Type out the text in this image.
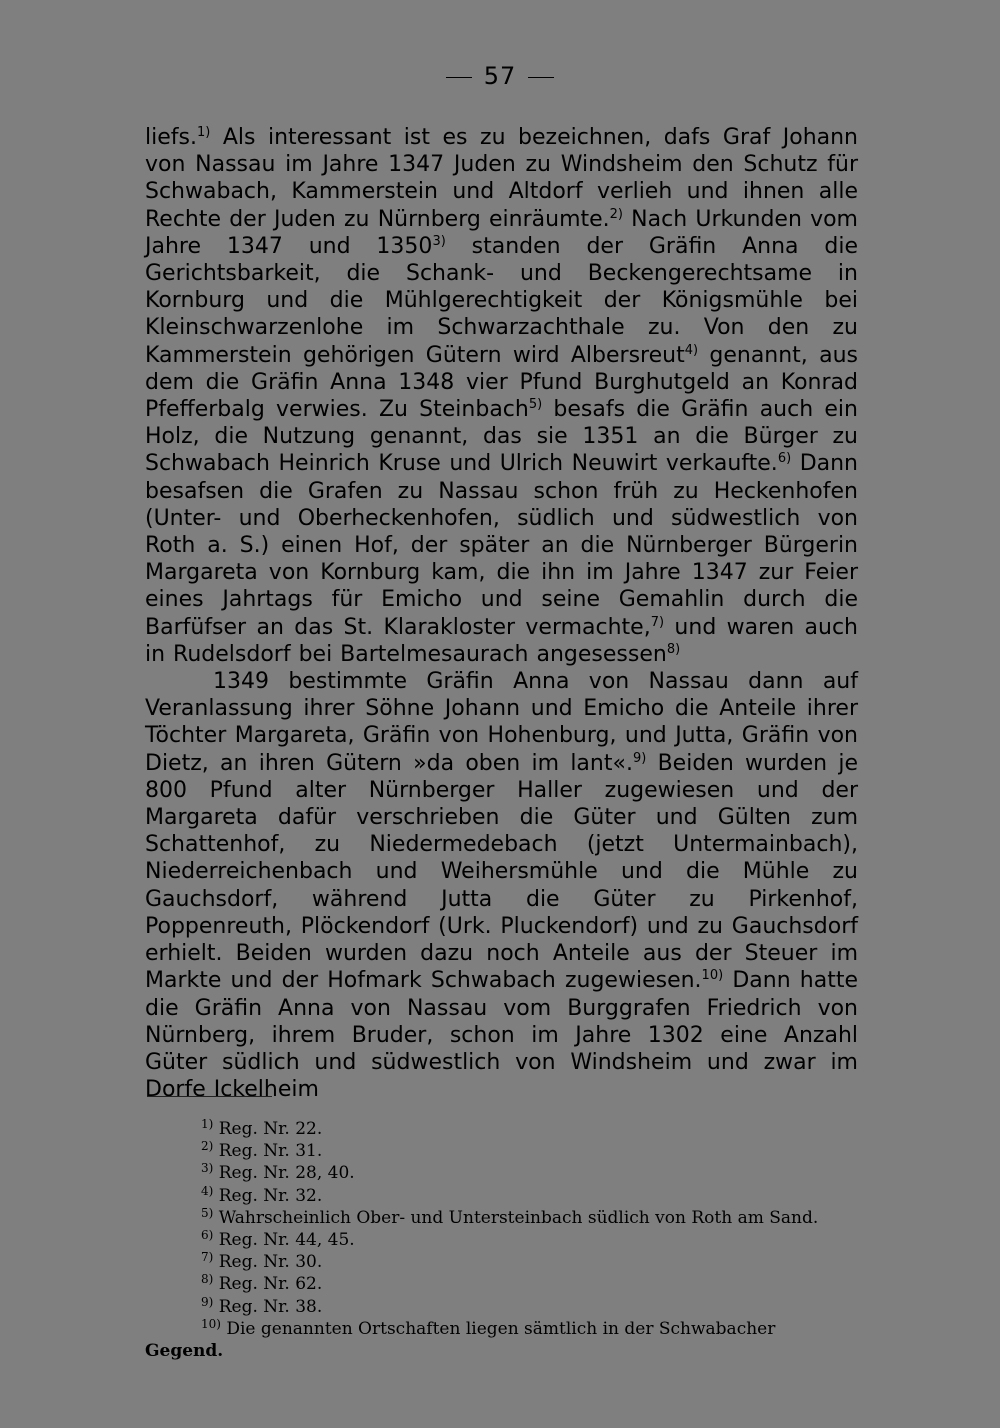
57

liefs.$^{1)}$ Als interessant ist es zu bezeichnen, dafs Graf Johann von Nassau im Jahre 1347 Juden zu Windsheim den Schutz für Schwabach, Kammerstein und Altdorf verlieh und ihnen alle Rechte der Juden zu Nürnberg einräumte.$^{2)}$ Nach Urkunden vom Jahre 1347 und 1350$^{3)}$ standen der Gräfin Anna die Gerichtsbarkeit, die Schank- und Beckengerechtsame in Kornburg und die Mühlgerechtigkeit der Königsmühle bei Kleinschwarzenlohe im Schwarzachthale zu. Von den zu Kammerstein gehörigen Gütern wird Albersreut$^{4)}$ genannt, aus dem die Gräfin Anna 1348 vier Pfund Burghutgeld an Konrad Pfefferbalg verwies. Zu Steinbach$^{5)}$ besafs die Gräfin auch ein Holz, die Nutzung genannt, das sie 1351 an die Bürger zu Schwabach Heinrich Kruse und Ulrich Neuwirt verkaufte.$^{6)}$ Dann besafsen die Grafen zu Nassau schon früh zu Heckenhofen (Unter- und Oberheckenhofen, südlich und südwestlich von Roth a. S.) einen Hof, der später an die Nürnberger Bürgerin Margareta von Kornburg kam, die ihn im Jahre 1347 zur Feier eines Jahrtags für Emicho und seine Gemahlin durch die Barfüfser an das St. Klarakloster vermachte,$^{7)}$ und waren auch in Rudelsdorf bei Bartelmesaurach angesessen$^{8)}$

1349 bestimmte Gräfin Anna von Nassau dann auf Veranlassung ihrer Söhne Johann und Emicho die Anteile ihrer Töchter Margareta, Gräfin von Hohenburg, und Jutta, Gräfin von Dietz, an ihren Gütern »da oben im lant«.$^{9)}$ Beiden wurden je 800 Pfund alter Nürnberger Haller zugewiesen und der Margareta dafür verschrieben die Güter und Gülten zum Schattenhof, zu Niedermedebach (jetzt Untermainbach), Niederreichenbach und Weihersmühle und die Mühle zu Gauchsdorf, während Jutta die Güter zu Pirkenhof, Poppenreuth, Plöckendorf (Urk. Pluckendorf) und zu Gauchsdorf erhielt. Beiden wurden dazu noch Anteile aus der Steuer im Markte und der Hofmark Schwabach zugewiesen.$^{10)}$ Dann hatte die Gräfin Anna von Nassau vom Burggrafen Friedrich von Nürnberg, ihrem Bruder, schon im Jahre 1302 eine Anzahl Güter südlich und südwestlich von Windsheim und zwar im Dorfe Ickelheim

$^{1)}$ Reg. Nr. 22.
$^{2)}$ Reg. Nr. 31.
$^{3)}$ Reg. Nr. 28, 40.
$^{4)}$ Reg. Nr. 32.
$^{5)}$ Wahrscheinlich Ober- und Untersteinbach südlich von Roth am Sand.
$^{6)}$ Reg. Nr. 44, 45.
$^{7)}$ Reg. Nr. 30.
$^{8)}$ Reg. Nr. 62.
$^{9)}$ Reg. Nr. 38.
$^{10)}$ Die genannten Ortschaften liegen sämtlich in der Schwabacher
Gegend.
